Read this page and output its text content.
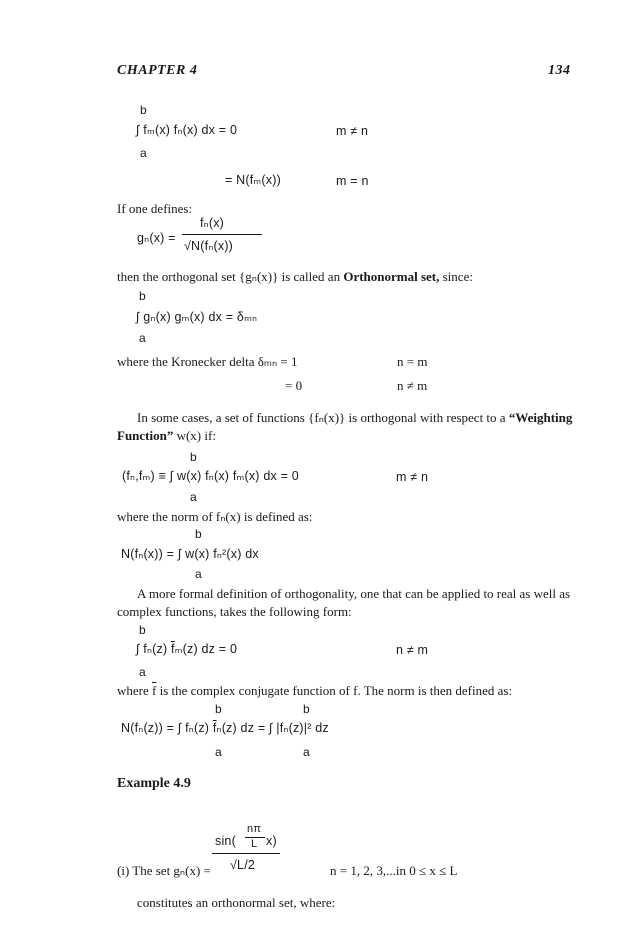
CHAPTER 4	134
b
∫ fₘ(x) fₙ(x) dx = 0	m ≠ n
a
= N(fₘ(x))	m = n
If one defines:
gₙ(x) =
fₙ(x)
√N(fₙ(x))
then the orthogonal set {gₙ(x)} is called an Orthonormal set, since:
b
∫ gₙ(x) gₘ(x) dx = δₘₙ
a
where the Kronecker delta δₘₙ = 1	n = m
= 0	n ≠ m
In some cases, a set of functions {fₙ(x)} is orthogonal with respect to a “Weighting
Function” w(x) if:
b
(fₙ,fₘ) ≡ ∫ w(x) fₙ(x) fₘ(x) dx = 0	m ≠ n
a
where the norm of fₙ(x) is defined as:
b
N(fₙ(x)) = ∫ w(x) fₙ²(x) dx
a
A more formal definition of orthogonality, one that can be applied to real as well as
complex functions, takes the following form:
b
∫ fₙ(z) $\overline{f}_m(z)$ dz = 0	n ≠ m
a
where $\overline{f}$ is the complex conjugate function of f. The norm is then defined as:
b	b
N(fₙ(z)) = ∫ fₙ(z) $\overline{f}_n(z)$ dz = ∫ |fₙ(z)|² dz
a	a
Example 4.9
(i) The set gₙ(x) =
sin(
nπ
L x)
√L/2	n = 1, 2, 3,...in 0 ≤ x ≤ L
constitutes an orthonormal set, where:
